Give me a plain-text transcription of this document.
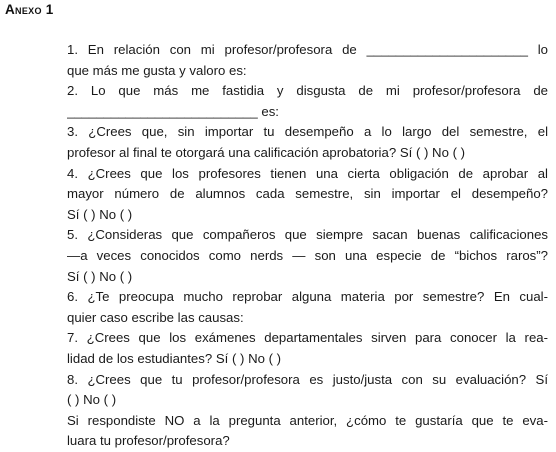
Anexo 1
1. En relación con mi profesor/profesora de ______________________ lo
que más me gusta y valoro es:
2. Lo que más me fastidia y disgusta de mi profesor/profesora de
__________________________ es:
3. ¿Crees que, sin importar tu desempeño a lo largo del semestre, el
profesor al final te otorgará una calificación aprobatoria? Sí ( ) No ( )
4. ¿Crees que los profesores tienen una cierta obligación de aprobar al
mayor número de alumnos cada semestre, sin importar el desempeño?
Sí ( ) No ( )
5. ¿Consideras que compañeros que siempre sacan buenas calificaciones
—a veces conocidos como nerds — son una especie de “bichos raros”?
Sí ( ) No ( )
6. ¿Te preocupa mucho reprobar alguna materia por semestre? En cual-
quier caso escribe las causas:
7. ¿Crees que los exámenes departamentales sirven para conocer la rea-
lidad de los estudiantes? Sí ( ) No ( )
8. ¿Crees que tu profesor/profesora es justo/justa con su evaluación? Sí
( ) No ( )
Si respondiste NO a la pregunta anterior, ¿cómo te gustaría que te eva-
luara tu profesor/profesora?
